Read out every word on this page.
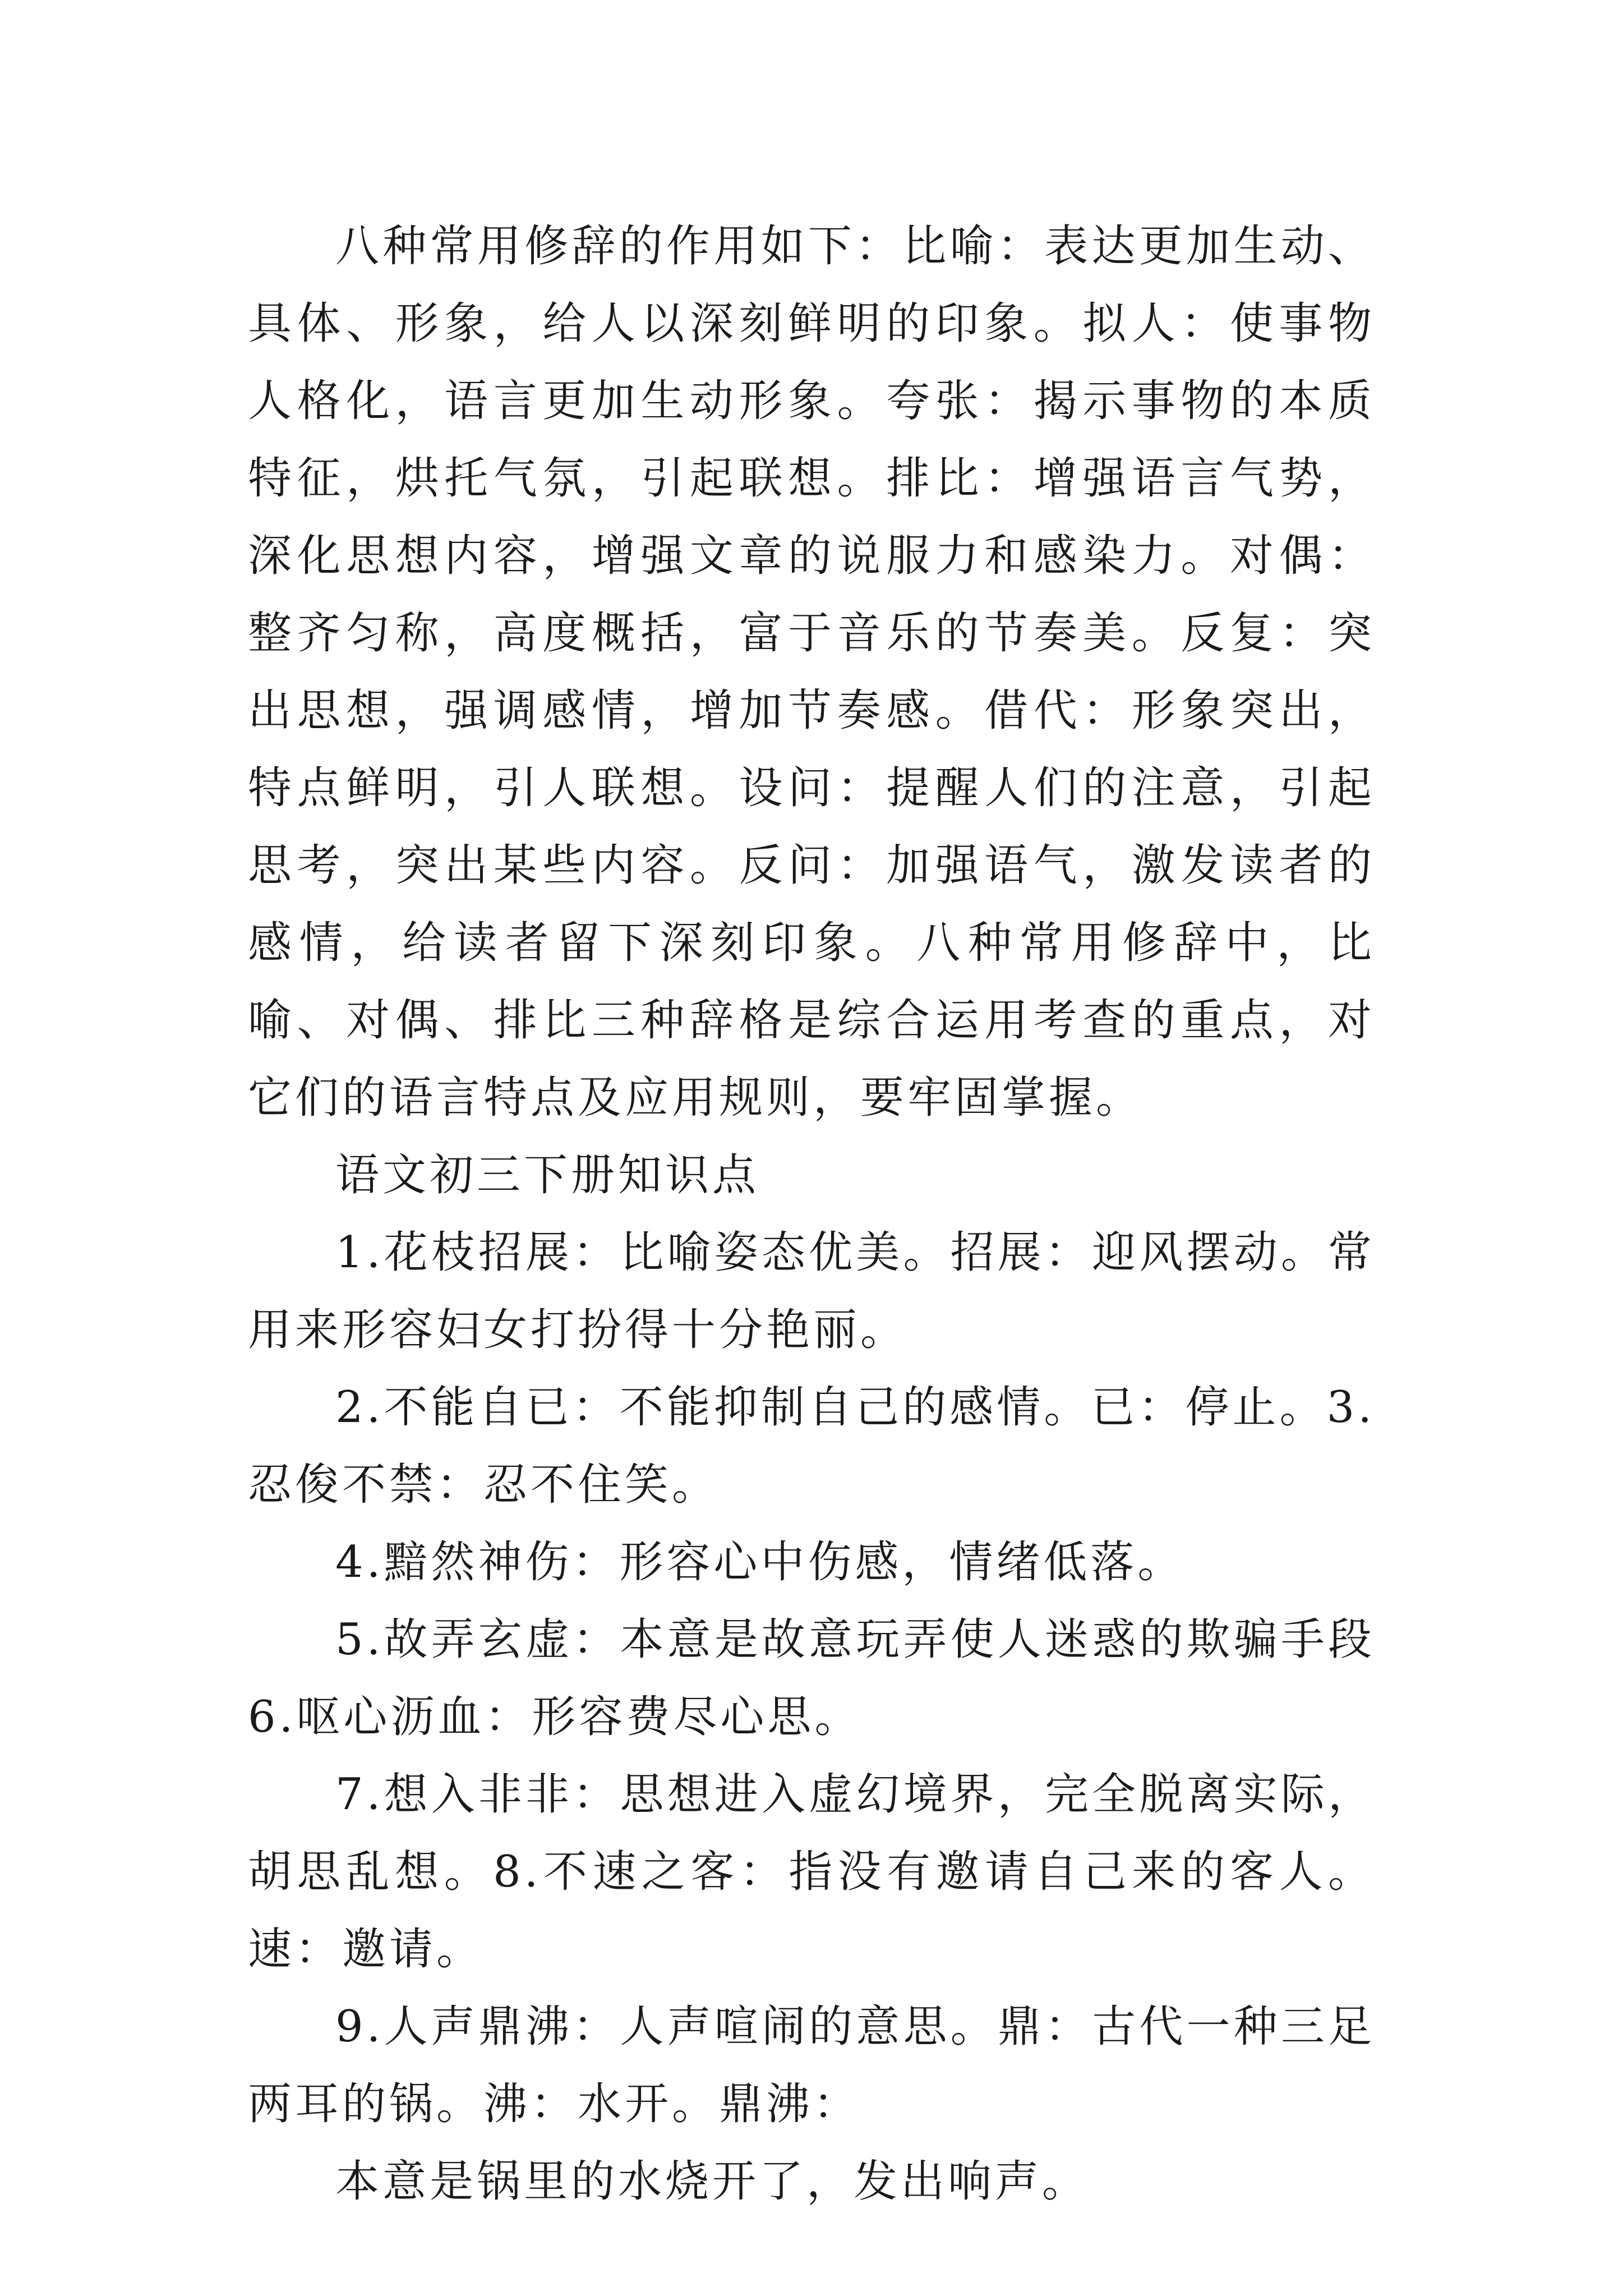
八种常用修辞的作用如下：比喻：表达更加生动、具体、形象，给人以深刻鲜明的印象。拟人：使事物人格化，语言更加生动形象。夸张：揭示事物的本质特征，烘托气氛，引起联想。排比：增强语言气势，深化思想内容，增强文章的说服力和感染力。对偶：整齐匀称，高度概括，富于音乐的节奏美。反复：突出思想，强调感情，增加节奏感。借代：形象突出，特点鲜明，引人联想。设问：提醒人们的注意，引起思考，突出某些内容。反问：加强语气，激发读者的感情，给读者留下深刻印象。八种常用修辞中，比喻、对偶、排比三种辞格是综合运用考查的重点，对它们的语言特点及应用规则，要牢固掌握。

语文初三下册知识点

1.花枝招展：比喻姿态优美。招展：迎风摆动。常用来形容妇女打扮得十分艳丽。

2.不能自已：不能抑制自己的感情。已：停止。3.忍俊不禁：忍不住笑。

4.黯然神伤：形容心中伤感，情绪低落。

5.故弄玄虚：本意是故意玩弄使人迷惑的欺骗手段6.呕心沥血：形容费尽心思。

7.想入非非：思想进入虚幻境界，完全脱离实际，胡思乱想。8.不速之客：指没有邀请自己来的客人。速：邀请。

9.人声鼎沸：人声喧闹的意思。鼎：古代一种三足两耳的锅。沸：水开。鼎沸：

本意是锅里的水烧开了，发出响声。
